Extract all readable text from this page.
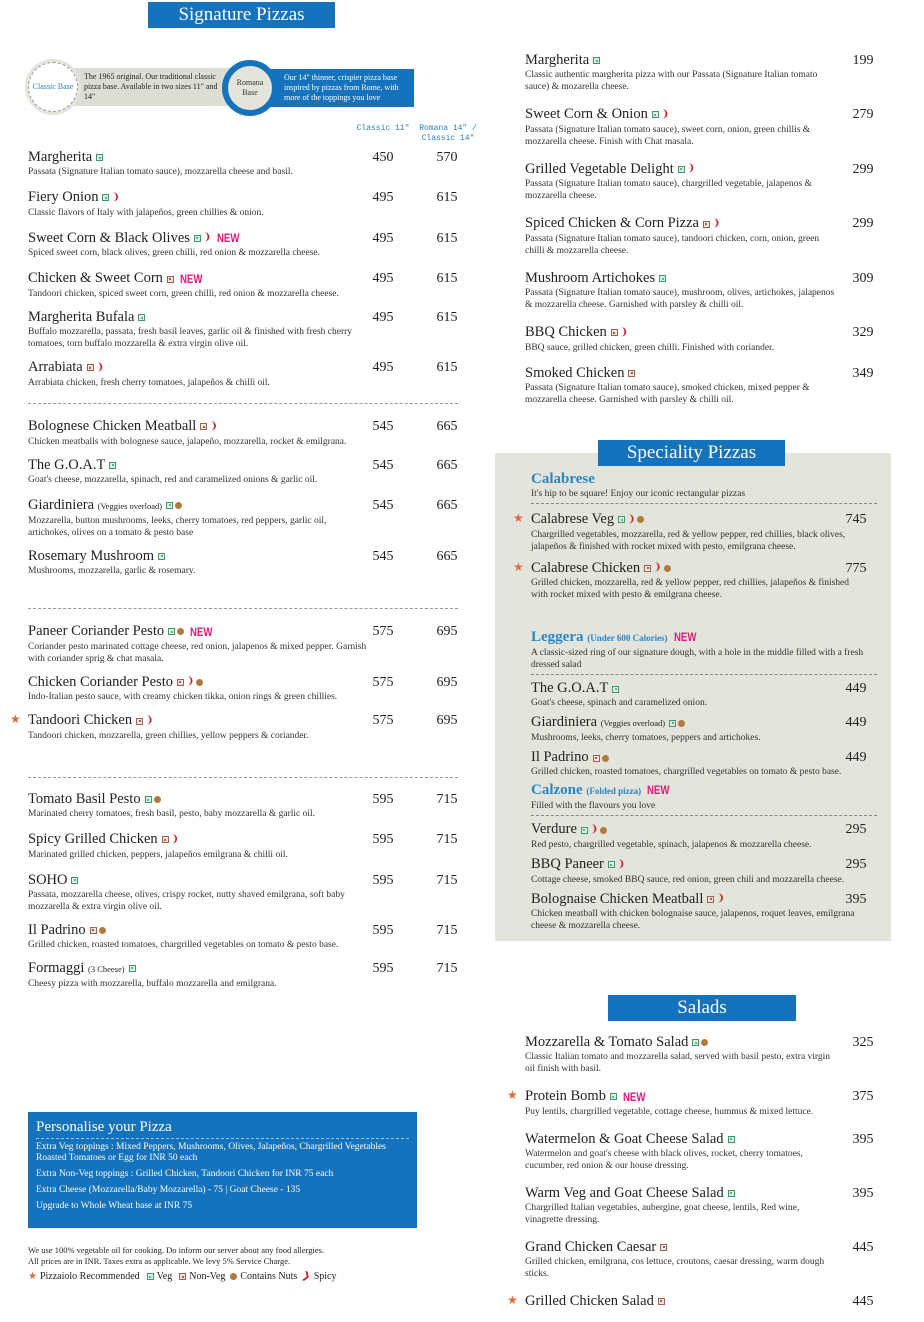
Signature Pizzas
Classic Base
The 1965 original. Our traditional classic pizza base. Available in two sizes 11" and 14"
Romana Base
Our 14" thinner, crispier pizza base inspired by pizzas from Rome, with more of the toppings you love
Classic 11" Romana 14" / Classic 14"
Margherita
Passata (Signature Italian tomato sauce), mozzarella cheese and basil.
450	570
Fiery Onion ❩
Classic flavors of Italy with jalapeños, green chillies & onion.
495	615
Sweet Corn & Black Olives ❩ NEW
Spiced sweet corn, black olives, green chilli, red onion & mozzarella cheese.
495	615
Chicken & Sweet Corn NEW
Tandoori chicken, spiced sweet corn, green chilli, red onion & mozzarella cheese.
495	615
Margherita Bufala
Buffalo mozzarella, passata, fresh basil leaves, garlic oil & finished with fresh cherry tomatoes, torn buffalo mozzarella & extra virgin olive oil.
495	615
Arrabiata ❩
Arrabiata chicken, fresh cherry tomatoes, jalapeños & chilli oil.
495	615
Bolognese Chicken Meatball ❩
Chicken meatballs with bolognese sauce, jalapeño, mozzarella, rocket & emilgrana.
545	665
The G.O.A.T
Goat's cheese, mozzarella, spinach, red and caramelized onions & garlic oil.
545	665
Giardiniera (Veggies overload)
Mozzarella, button mushrooms, leeks, cherry tomatoes, red peppers, garlic oil, artichokes, olives on a tomato & pesto base
545	665
Rosemary Mushroom
Mushrooms, mozzarella, garlic & rosemary.
545	665
Paneer Coriander Pesto NEW
Coriander pesto marinated cottage cheese, red onion, jalapenos & mixed pepper. Garnish with coriander sprig & chat masala.
575	695
Chicken Coriander Pesto ❩
Indo-Italian pesto sauce, with creamy chicken tikka, onion rings & green chillies.
575	695
★ Tandoori Chicken ❩
Tandoori chicken, mozzarella, green chillies, yellow peppers & coriander.
575	695
Tomato Basil Pesto
Marinated cherry tomatoes, fresh basil, pesto, baby mozzarella & garlic oil.
595	715
Spicy Grilled Chicken ❩
Marinated grilled chicken, peppers, jalapeños emilgrana & chilli oil.
595	715
SOHO
Passata, mozzarella cheese, olives, crispy rocket, nutty shaved emilgrana, soft baby mozzarella & extra virgin olive oil.
595	715
Il Padrino
Grilled chicken, roasted tomatoes, chargrilled vegetables on tomato & pesto base.
595	715
Formaggi (3 Cheese)
Cheesy pizza with mozzarella, buffalo mozzarella and emilgrana.
595	715
Personalise your Pizza

Extra Veg toppings : Mixed Peppers, Mushrooms, Olives, Jalapeños, Chargrilled Vegetables Roasted Tomatoes or Egg for INR 50 each

Extra Non-Veg toppings : Grilled Chicken, Tandoori Chicken for INR 75 each

Extra Cheese (Mozzarella/Baby Mozzarella) - 75 | Goat Cheese - 135

Upgrade to Whole Wheat base at INR 75

We use 100% vegetable oil for cooking. Do inform our server about any food allergies.
All prices are in INR. Taxes extra as applicable. We levy 5% Service Charge.
★ Pizzaiolo Recommended Veg Non-Veg Contains Nuts ❯ Spicy
Margherita
Classic authentic margherita pizza with our Passata (Signature Italian tomato sauce) & mozarella cheese.
199
Sweet Corn & Onion ❩
Passata (Signature Italian tomato sauce), sweet corn, onion, green chillis & mozzarella cheese. Finish with Chat masala.
279
Grilled Vegetable Delight ❩
Passata (Signature Italian tomato sauce), chargrilled vegetable, jalapenos & mozzarella cheese.
299
Spiced Chicken & Corn Pizza ❩
Passata (Signature Italian tomato sauce), tandoori chicken, corn, onion, green chilli & mozzarella cheese.
299
Mushroom Artichokes
Passata (Signature Italian tomato sauce), mushroom, olives, artichokes, jalapenos & mozzarella cheese. Garnished with parsley & chilli oil.
309
BBQ Chicken ❩
BBQ sauce, grilled chicken, green chilli. Finished with coriander.
329
Smoked Chicken
Passata (Signature Italian tomato sauce), smoked chicken, mixed pepper & mozzarella cheese. Garnished with parsley & chilli oil.
349
Calabrese
It's hip to be square! Enjoy our iconic rectangular pizzas
★ Calabrese Veg ❩
Chargrilled vegetables, mozzarella, red & yellow pepper, red chillies, black olives, jalapeños & finished with rocket mixed with pesto, emilgrana cheese.
745
★ Calabrese Chicken ❩
Grilled chicken, mozzarella, red & yellow pepper, red chillies, jalapeños & finished with rocket mixed with pesto & emilgrana cheese.
775
Leggera (Under 600 Calories) NEW
A classic-sized ring of our signature dough, with a hole in the middle filled with a fresh dressed salad
The G.O.A.T
Goat's cheese, spinach and caramelized onion.
449
Giardiniera (Veggies overload)
Mushrooms, leeks, cherry tomatoes, peppers and artichokes.
449
Il Padrino
Grilled chicken, roasted tomatoes, chargrilled vegetables on tomato & pesto base.
449
Calzone (Folded pizza) NEW
Filled with the flavours you love
Verdure ❩
Red pesto, chargrilled vegetable, spinach, jalapenos & mozzarella cheese.
295
BBQ Paneer ❩
Cottage cheese, smoked BBQ sauce, red onion, green chili and mozzarella cheese.
295
Bolognaise Chicken Meatball ❩
Chicken meatball with chicken bolognaise sauce, jalapenos, roquet leaves, emilgrana cheese & mozzarella cheese.
395
Speciality Pizzas
Salads
Mozzarella & Tomato Salad
Classic Italian tomato and mozzarella salad, served with basil pesto, extra virgin oil finish with basil.
325
★ Protein Bomb NEW
Puy lentils, chargrilled vegetable, cottage cheese, hummus & mixed lettuce.
375
Watermelon & Goat Cheese Salad
Watermelon and goat's cheese with black olives, rocket, cherry tomatoes, cucumber, red onion & our house dressing.
395
Warm Veg and Goat Cheese Salad
Chargrilled Italian vegetables, aubergine, goat cheese, lentils, Red wine, vinagrette dressing.
395
Grand Chicken Caesar
Grilled chicken, emilgrana, cos lettuce, croutons, caesar dressing, warm dough sticks.
445
★ Grilled Chicken Salad	445
